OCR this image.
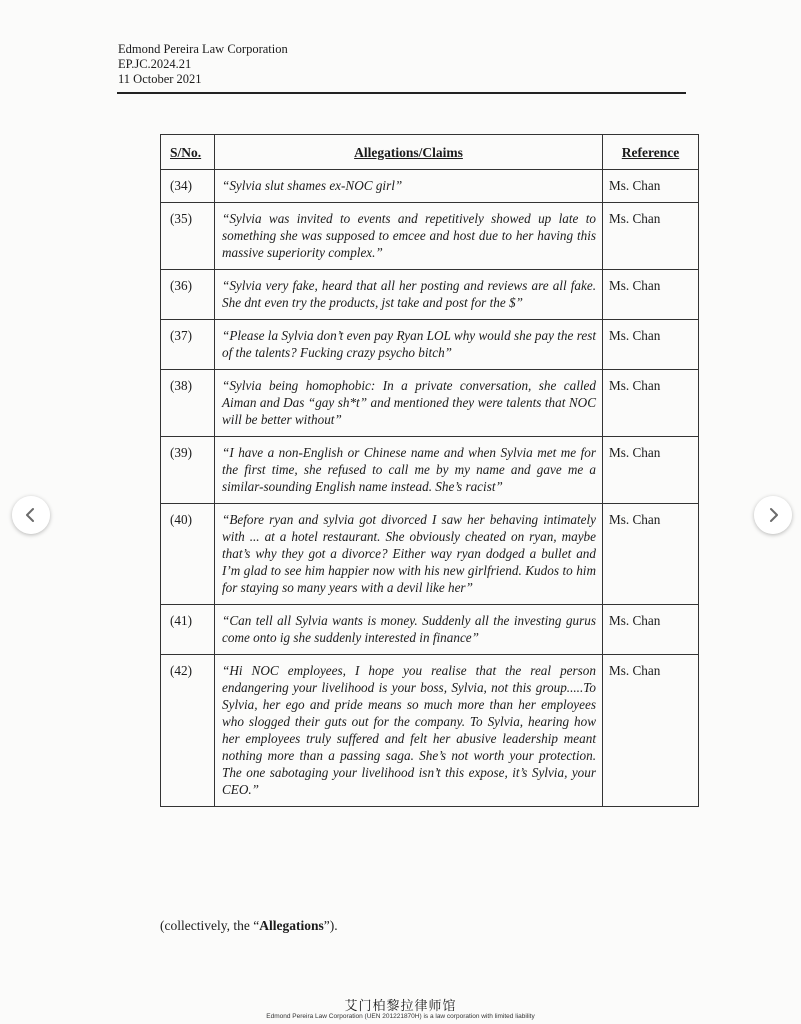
Edmond Pereira Law Corporation
EP.JC.2024.21
11 October 2021
S/No.	Allegations/Claims	Reference
(34)	“Sylvia slut shames ex-NOC girl”	Ms. Chan
(35)	“Sylvia was invited to events and repetitively showed up late to something she was supposed to emcee and host due to her having this massive superiority complex.”	Ms. Chan
(36)	“Sylvia very fake, heard that all her posting and reviews are all fake. She dnt even try the products, jst take and post for the $”	Ms. Chan
(37)	“Please la Sylvia don’t even pay Ryan LOL why would she pay the rest of the talents? Fucking crazy psycho bitch”	Ms. Chan
(38)	“Sylvia being homophobic: In a private conversation, she called Aiman and Das “gay sh*t” and mentioned they were talents that NOC will be better without”	Ms. Chan
(39)	“I have a non-English or Chinese name and when Sylvia met me for the first time, she refused to call me by my name and gave me a similar-sounding English name instead. She’s racist”	Ms. Chan
(40)	“Before ryan and sylvia got divorced I saw her behaving intimately with ... at a hotel restaurant. She obviously cheated on ryan, maybe that’s why they got a divorce? Either way ryan dodged a bullet and I’m glad to see him happier now with his new girlfriend. Kudos to him for staying so many years with a devil like her”	Ms. Chan
(41)	“Can tell all Sylvia wants is money. Suddenly all the investing gurus come onto ig she suddenly interested in finance”	Ms. Chan
(42)	“Hi NOC employees, I hope you realise that the real person endangering your livelihood is your boss, Sylvia, not this group.....To Sylvia, her ego and pride means so much more than her employees who slogged their guts out for the company. To Sylvia, hearing how her employees truly suffered and felt her abusive leadership meant nothing more than a passing saga. She’s not worth your protection. The one sabotaging your livelihood isn’t this expose, it’s Sylvia, your CEO.”	Ms. Chan
(collectively, the “Allegations”).
艾门柏黎拉律师馆
Edmond Pereira Law Corporation (UEN 201221870H) is a law corporation with limited liability
